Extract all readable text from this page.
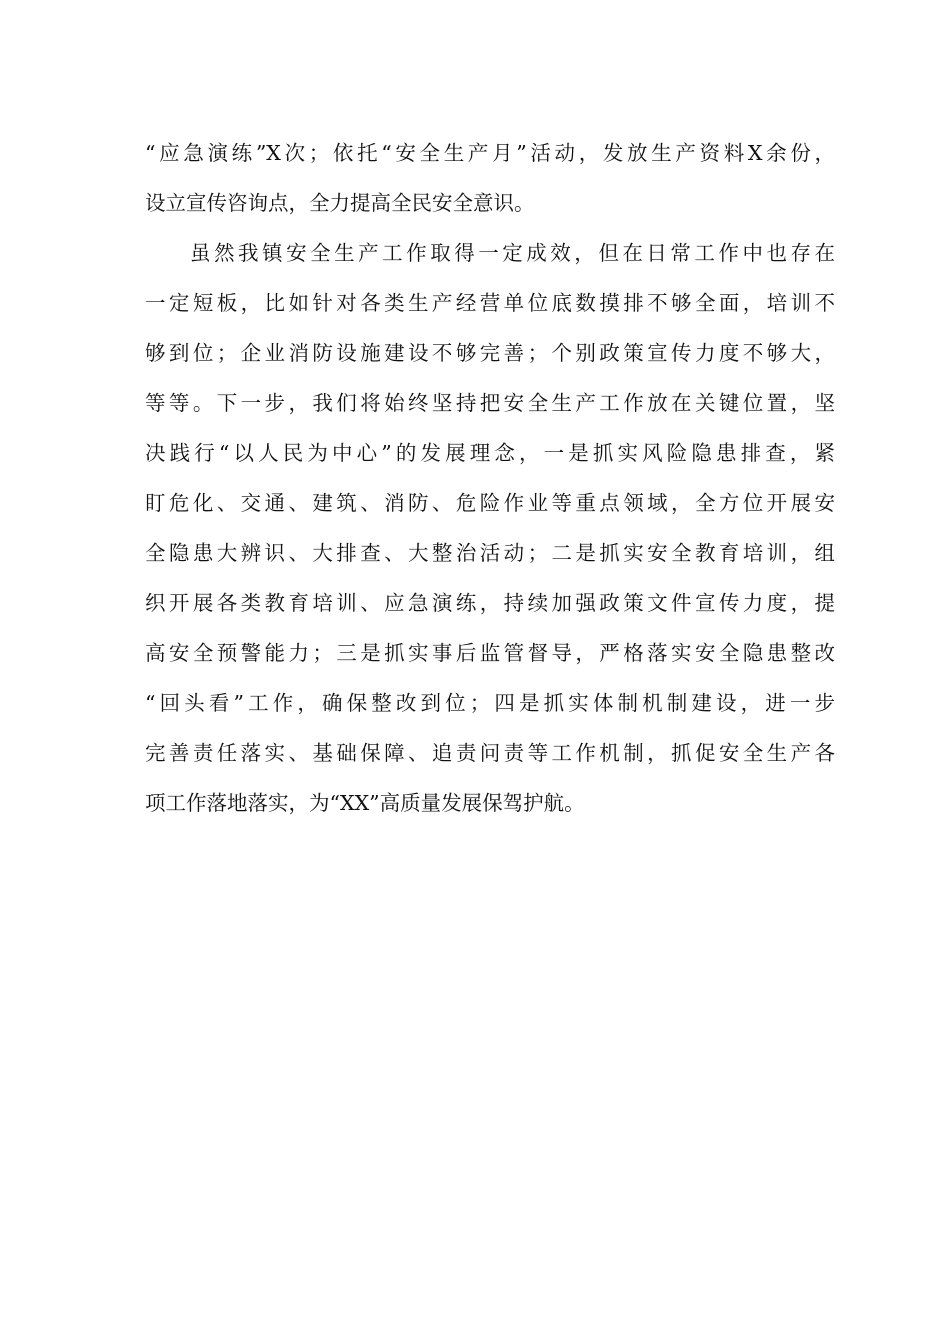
“应急演练”X次；依托“安全生产月”活动，发放生产资料X余份，
设立宣传咨询点，全力提高全民安全意识。
虽然我镇安全生产工作取得一定成效，但在日常工作中也存在
一定短板，比如针对各类生产经营单位底数摸排不够全面，培训不
够到位；企业消防设施建设不够完善；个别政策宣传力度不够大，
等等。下一步，我们将始终坚持把安全生产工作放在关键位置，坚
决践行“以人民为中心”的发展理念，一是抓实风险隐患排查，紧
盯危化、交通、建筑、消防、危险作业等重点领域，全方位开展安
全隐患大辨识、大排查、大整治活动；二是抓实安全教育培训，组
织开展各类教育培训、应急演练，持续加强政策文件宣传力度，提
高安全预警能力；三是抓实事后监管督导，严格落实安全隐患整改
“回头看”工作，确保整改到位；四是抓实体制机制建设，进一步
完善责任落实、基础保障、追责问责等工作机制，抓促安全生产各
项工作落地落实，为“XX”高质量发展保驾护航。
